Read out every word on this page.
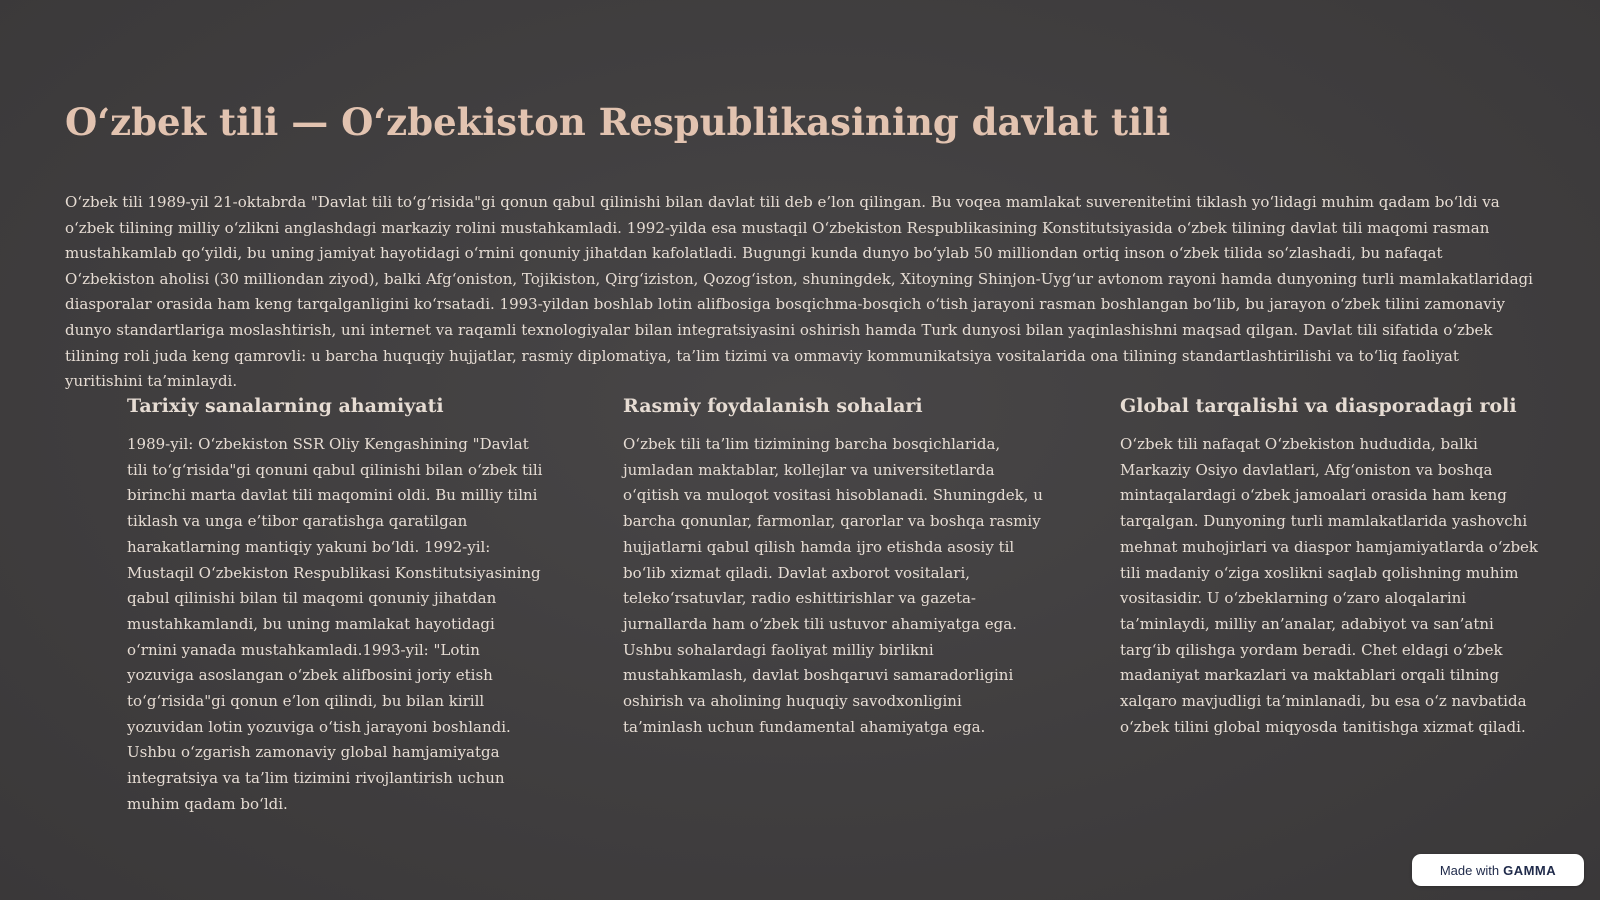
O‘zbek tili — O‘zbekiston Respublikasining davlat tili

O‘zbek tili 1989-yil 21-oktabrda "Davlat tili to‘g‘risida"gi qonun qabul qilinishi bilan davlat tili deb e’lon qilingan. Bu voqea mamlakat suverenitetini tiklash yo‘lidagi muhim qadam bo‘ldi va o‘zbek tilining milliy o‘zlikni anglashdagi markaziy rolini mustahkamladi. 1992-yilda esa mustaqil O‘zbekiston Respublikasining Konstitutsiyasida o‘zbek tilining davlat tili maqomi rasman mustahkamlab qo‘yildi, bu uning jamiyat hayotidagi o‘rnini qonuniy jihatdan kafolatladi. Bugungi kunda dunyo bo‘ylab 50 milliondan ortiq inson o‘zbek tilida so‘zlashadi, bu nafaqat O‘zbekiston aholisi (30 milliondan ziyod), balki Afg‘oniston, Tojikiston, Qirg‘iziston, Qozog‘iston, shuningdek, Xitoyning Shinjon-Uyg‘ur avtonom rayoni hamda dunyoning turli mamlakatlaridagi diasporalar orasida ham keng tarqalganligini ko‘rsatadi. 1993-yildan boshlab lotin alifbosiga bosqichma-bosqich o‘tish jarayoni rasman boshlangan bo‘lib, bu jarayon o‘zbek tilini zamonaviy dunyo standartlariga moslashtirish, uni internet va raqamli texnologiyalar bilan integratsiyasini oshirish hamda Turk dunyosi bilan yaqinlashishni maqsad qilgan. Davlat tili sifatida o‘zbek tilining roli juda keng qamrovli: u barcha huquqiy hujjatlar, rasmiy diplomatiya, ta’lim tizimi va ommaviy kommunikatsiya vositalarida ona tilining standartlashtirilishi va to‘liq faoliyat yuritishini ta’minlaydi.

Tarixiy sanalarning ahamiyati

1989-yil: O‘zbekiston SSR Oliy Kengashining "Davlat tili to‘g‘risida"gi qonuni qabul qilinishi bilan o‘zbek tili birinchi marta davlat tili maqomini oldi. Bu milliy tilni tiklash va unga e’tibor qaratishga qaratilgan harakatlarning mantiqiy yakuni bo‘ldi. 1992-yil: Mustaqil O‘zbekiston Respublikasi Konstitutsiyasining qabul qilinishi bilan til maqomi qonuniy jihatdan mustahkamlandi, bu uning mamlakat hayotidagi o‘rnini yanada mustahkamladi.1993-yil: "Lotin yozuviga asoslangan o‘zbek alifbosini joriy etish to‘g‘risida"gi qonun e’lon qilindi, bu bilan kirill yozuvidan lotin yozuviga o‘tish jarayoni boshlandi. Ushbu o‘zgarish zamonaviy global hamjamiyatga integratsiya va ta’lim tizimini rivojlantirish uchun muhim qadam bo‘ldi.

Rasmiy foydalanish sohalari

O‘zbek tili ta’lim tizimining barcha bosqichlarida, jumladan maktablar, kollejlar va universitetlarda o‘qitish va muloqot vositasi hisoblanadi. Shuningdek, u barcha qonunlar, farmonlar, qarorlar va boshqa rasmiy hujjatlarni qabul qilish hamda ijro etishda asosiy til bo‘lib xizmat qiladi. Davlat axborot vositalari, teleko‘rsatuvlar, radio eshittirishlar va gazeta-jurnallarda ham o‘zbek tili ustuvor ahamiyatga ega. Ushbu sohalardagi faoliyat milliy birlikni mustahkamlash, davlat boshqaruvi samaradorligini oshirish va aholining huquqiy savodxonligini ta’minlash uchun fundamental ahamiyatga ega.

Global tarqalishi va diasporadagi roli

O‘zbek tili nafaqat O‘zbekiston hududida, balki Markaziy Osiyo davlatlari, Afg‘oniston va boshqa mintaqalardagi o‘zbek jamoalari orasida ham keng tarqalgan. Dunyoning turli mamlakatlarida yashovchi mehnat muhojirlari va diaspor hamjamiyatlarda o‘zbek tili madaniy o‘ziga xoslikni saqlab qolishning muhim vositasidir. U o‘zbeklarning o‘zaro aloqalarini ta’minlaydi, milliy an’analar, adabiyot va san’atni targ‘ib qilishga yordam beradi. Chet eldagi o‘zbek madaniyat markazlari va maktablari orqali tilning xalqaro mavjudligi ta’minlanadi, bu esa o‘z navbatida o‘zbek tilini global miqyosda tanitishga xizmat qiladi.

Made with GAMMA
